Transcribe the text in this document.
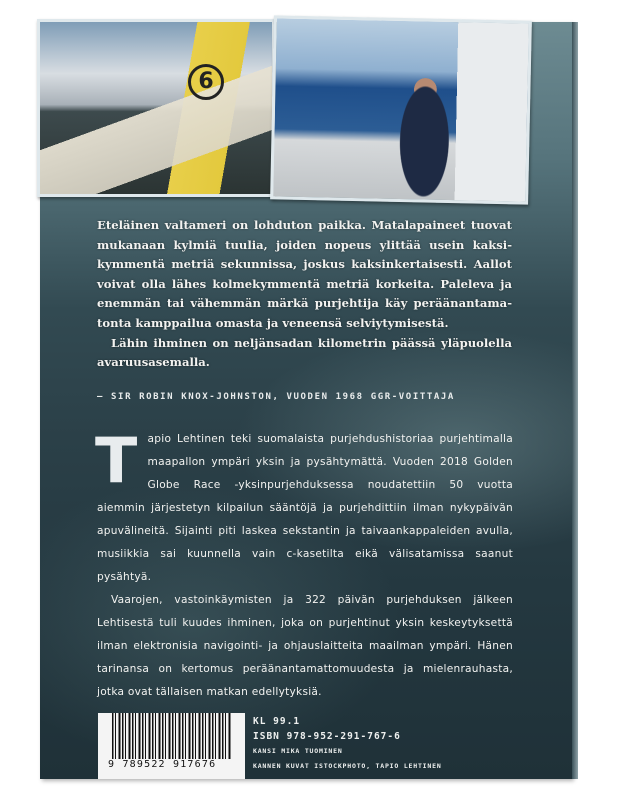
6

Eteläinen valtameri on lohduton paikka. Matalapaineet tuovat mukanaan kylmiä tuulia, joiden nopeus ylittää usein kaksikymmentä metriä sekunnissa, joskus kaksinkertaisesti. Aallot voivat olla lähes kolmekymmentä metriä korkeita. Paleleva ja enemmän tai vähemmän märkä purjehtija käy peräänantamatonta kamppailua omasta ja veneensä selviytymisestä.

Lähin ihminen on neljänsadan kilometrin päässä yläpuolella avaruusasemalla.

– SIR ROBIN KNOX-JOHNSTON, VUODEN 1968 GGR-VOITTAJA
T apio Lehtinen teki suomalaista purjehdushistoriaa purjehtimalla maapallon ympäri yksin ja pysähtymättä. Vuoden 2018 Golden Globe Race -yksinpurjehduksessa noudatettiin 50 vuotta aiemmin järjestetyn kilpailun sääntöjä ja purjehdittiin ilman nykypäivän apuvälineitä. Sijainti piti laskea sekstantin ja taivaankappaleiden avulla, musiikkia sai kuunnella vain c-kasetilta eikä välisatamissa saanut pysähtyä.

Vaarojen, vastoinkäymisten ja 322 päivän purjehduksen jälkeen Lehtisestä tuli kuudes ihminen, joka on purjehtinut yksin keskeytyksettä ilman elektronisia navigointi- ja ohjauslaitteita maailman ympäri. Hänen tarinansa on kertomus peräänantamattomuudesta ja mielenrauhasta, jotka ovat tällaisen matkan edellytyksiä.

9 789522 917676
KL 99.1
ISBN 978-952-291-767-6
KANSI MIKA TUOMINEN
KANNEN KUVAT ISTOCKPHOTO, TAPIO LEHTINEN
